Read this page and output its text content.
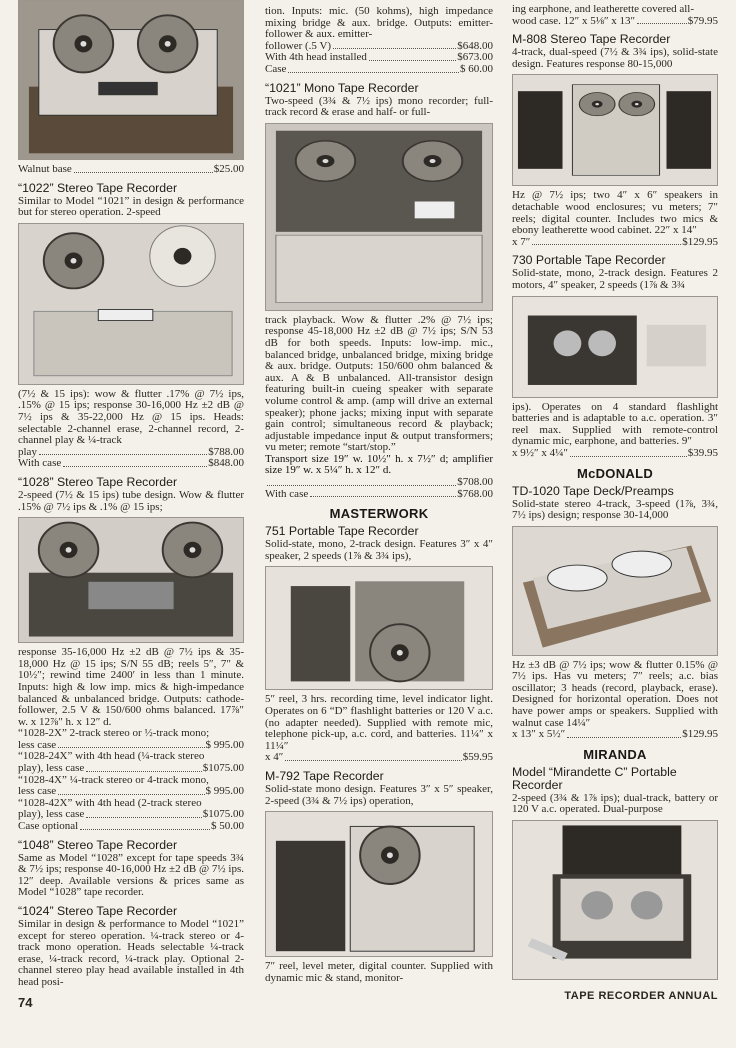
Walnut base	$25.00
“1022” Stereo Tape Recorder

Similar to Model “1021” in design & performance but for stereo operation. 2-speed

(7½ & 15 ips): wow & flutter .17% @ 7½ ips, .15% @ 15 ips; response 30-16,000 Hz ±2 dB @ 7½ ips & 35-22,000 Hz @ 15 ips. Heads: selectable 2-channel erase, 2-channel record, 2-channel play & ¼-track

play	$788.00
With case	$848.00
“1028” Stereo Tape Recorder

2-speed (7½ & 15 ips) tube design. Wow & flutter .15% @ 7½ ips & .1% @ 15 ips;

response 35-16,000 Hz ±2 dB @ 7½ ips & 35-18,000 Hz @ 15 ips; S/N 55 dB; reels 5″, 7″ & 10½″; rewind time 2400′ in less than 1 minute. Inputs: high & low imp. mics & high-impedance balanced & unbalanced bridge. Outputs: cathode-follower, 2.5 V & 150/600 ohms balanced. 17⅞″ w. x 12⅞″ h. x 12″ d.

“1028-2X” 2-track stereo or ½-track mono;

less case	$ 995.00

“1028-24X” with 4th head (¼-track stereo

play), less case	$1075.00

“1028-4X” ¼-track stereo or 4-track mono,

less case	$ 995.00

“1028-42X” with 4th head (2-track stereo

play), less case	$1075.00
Case optional	$ 50.00
“1048” Stereo Tape Recorder

Same as Model “1028” except for tape speeds 3¾ & 7½ ips; response 40-16,000 Hz ±2 dB @ 7½ ips. 12″ deep. Available versions & prices same as Model “1028” tape recorder.

“1024” Stereo Tape Recorder

Similar in design & performance to Model “1021” except for stereo operation. ¼-track stereo or 4-track mono operation. Heads selectable ¼-track erase, ¼-track record, ¼-track play. Optional 2-channel stereo play head available installed in 4th head posi-

74

tion. Inputs: mic. (50 kohms), high impedance mixing bridge & aux. bridge. Outputs: emitter-follower & aux. emitter-

follower (.5 V)	$648.00
With 4th head installed	$673.00
Case	$ 60.00
“1021” Mono Tape Recorder

Two-speed (3¾ & 7½ ips) mono recorder; full-track record & erase and half- or full-

track playback. Wow & flutter .2% @ 7½ ips; response 45-18,000 Hz ±2 dB @ 7½ ips; S/N 53 dB for both speeds. Inputs: low-imp. mic., balanced bridge, unbalanced bridge, mixing bridge & aux. bridge. Outputs: 150/600 ohm balanced & aux. A & B unbalanced. All-transistor design featuring built-in cueing speaker with separate volume control & amp. (amp will drive an external speaker); phone jacks; mixing input with separate gain control; simultaneous record & playback; adjustable impedance input & output transformers; vu meter; remote “start/stop.”

Transport size 19″ w. 10½″ h. x 7½″ d; amplifier size 19″ w. x 5¼″ h. x 12″ d.

$708.00
With case	$768.00
MASTERWORK
751 Portable Tape Recorder

Solid-state, mono, 2-track design. Features 3″ x 4″ speaker, 2 speeds (1⅞ & 3¾ ips),

5″ reel, 3 hrs. recording time, level indicator light. Operates on 6 “D” flashlight batteries or 120 V a.c. (no adapter needed). Supplied with remote mic, telephone pick-up, a.c. cord, and batteries. 11¼″ x 11¼″

x 4″	$59.95
M-792 Tape Recorder

Solid-state mono design. Features 3″ x 5″ speaker, 2-speed (3¾ & 7½ ips) operation,

7″ reel, level meter, digital counter. Supplied with dynamic mic & stand, monitor-

ing earphone, and leatherette covered all-

wood case. 12″ x 5⅛″ x 13″	$79.95
M-808 Stereo Tape Recorder

4-track, dual-speed (7½ & 3¾ ips), solid-state design. Features response 80-15,000

Hz @ 7½ ips; two 4″ x 6″ speakers in detachable wood enclosures; vu meters; 7″ reels; digital counter. Includes two mics & ebony leatherette wood cabinet. 22″ x 14″

x 7″	$129.95
730 Portable Tape Recorder

Solid-state, mono, 2-track design. Features 2 motors, 4″ speaker, 2 speeds (1⅞ & 3¾

ips). Operates on 4 standard flashlight batteries and is adaptable to a.c. operation. 3″ reel max. Supplied with remote-control dynamic mic, earphone, and batteries. 9″

x 9½″ x 4¼″	$39.95
McDONALD
TD-1020 Tape Deck/Preamps

Solid-state stereo 4-track, 3-speed (1⅞, 3¾, 7½ ips) design; response 30-14,000

Hz ±3 dB @ 7½ ips; wow & flutter 0.15% @ 7½ ips. Has vu meters; 7″ reels; a.c. bias oscillator; 3 heads (record, playback, erase). Designed for horizontal operation. Does not have power amps or speakers. Supplied with walnut case 14¼″

x 13″ x 5½″	$129.95
MIRANDA
Model “Mirandette C” Portable Recorder

2-speed (3¾ & 1⅞ ips); dual-track, battery or 120 V a.c. operated. Dual-purpose

TAPE RECORDER ANNUAL
